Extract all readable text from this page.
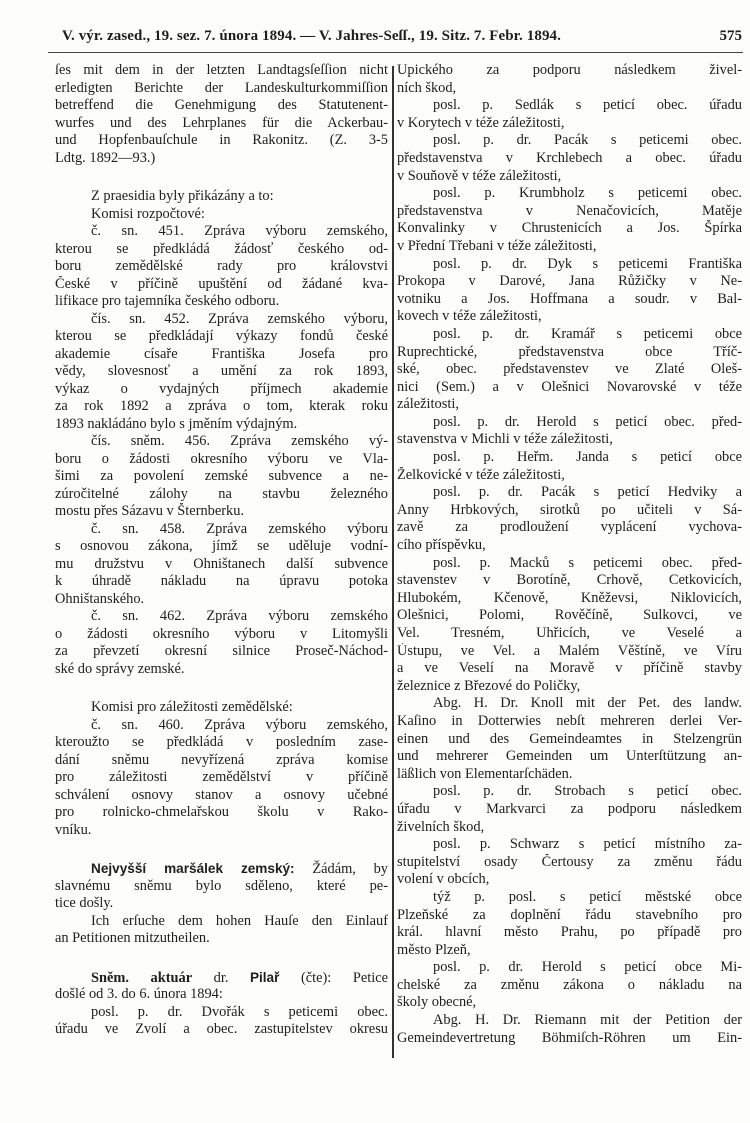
V. výr. zased., 19. sez. 7. února 1894. — V. Jahres-Seſſ., 19. Sitz. 7. Febr. 1894.	575
ſes mit dem in der letzten Landtagsſeſſion nicht
erledigten Berichte der Landeskulturkommiſſion
betreffend die Genehmigung des Statutenent-
wurfes und des Lehrplanes für die Ackerbau-
und Hopfenbauſchule in Rakonitz. (Z. 3-5
Ldtg. 1892—93.)
Z praesidia byly přikázány a to:
Komisi rozpočtové:
č. sn. 451. Zpráva výboru zemského,
kterou se předkládá žádosť českého od-
boru zemědělské rady pro královstvi
České v příčině upuštění od žádané kva-
lifikace pro tajemníka českého odboru.
čís. sn. 452. Zpráva zemského výboru,
kterou se předkládají výkazy fondů české
akademie císaře Františka Josefa pro
vědy, slovesnosť a umění za rok 1893,
výkaz o vydajných příjmech akademie
za rok 1892 a zpráva o tom, kterak roku
1893 nakládáno bylo s jměním výdajným.
čís. sněm. 456. Zpráva zemského vý-
boru o žádosti okresního výboru ve Vla-
šimi za povolení zemské subvence a ne-
zúročitelné zálohy na stavbu železného
mostu přes Sázavu v Šternberku.
č. sn. 458. Zpráva zemského výboru
s osnovou zákona, jímž se uděluje vodní-
mu družstvu v Ohništanech další subvence
k úhradě nákladu na úpravu potoka
Ohništanského.
č. sn. 462. Zpráva výboru zemského
o žádosti okresního výboru v Litomyšli
za převzetí okresní silnice Proseč-Náchod-
ské do správy zemské.
Komisi pro záležitosti zemědělské:
č. sn. 460. Zpráva výboru zemského,
kteroužto se předkládá v posledním zase-
dání sněmu nevyřízená zpráva komise
pro záležitosti zemědělství v příčině
schválení osnovy stanov a osnovy učebné
pro rolnicko-chmelařskou školu v Rako-
vníku.
Nejvyšší maršálek zemský: Žádám, by
slavnému sněmu bylo sděleno, které pe-
tice došly.
Ich erſuche dem hohen Hauſe den Einlauf
an Petitionen mitzutheilen.
Sněm. aktuár dr. Pilař (čte): Petice
došlé od 3. do 6. února 1894:
posl. p. dr. Dvořák s peticemi obec.
úřadu ve Zvolí a obec. zastupitelstev okresu
Upického za podporu následkem živel-
ních škod,
posl. p. Sedlák s peticí obec. úřadu
v Korytech v téže záležitosti,
posl. p. dr. Pacák s peticemi obec.
představenstva v Krchlebech a obec. úřadu
v Souňově v téže záležitosti,
posl. p. Krumbholz s peticemi obec.
představenstva v Nenačovicích, Matěje
Konvalinky v Chrustenicích a Jos. Špírka
v Přední Třebani v téže záležitosti,
posl. p. dr. Dyk s peticemi Františka
Prokopa v Darové, Jana Růžičky v Ne-
votniku a Jos. Hoffmana a soudr. v Bal-
kovech v téže záležitosti,
posl. p. dr. Kramář s peticemi obce
Ruprechtické, představenstva obce Tříč-
ské, obec. představenstev ve Zlaté Oleš-
nici (Sem.) a v Olešnici Novarovské v téže
záležitosti,
posl. p. dr. Herold s peticí obec. před-
stavenstva v Michli v téže záležitosti,
posl. p. Heřm. Janda s peticí obce
Želkovické v téže záležitosti,
posl. p. dr. Pacák s peticí Hedviky a
Anny Hrbkových, sirotků po učiteli v Sá-
zavě za prodloužení vyplácení vychova-
cího příspěvku,
posl. p. Macků s peticemi obec. před-
stavenstev v Borotíně, Crhově, Cetkovicích,
Hlubokém, Kčenově, Kněževsi, Niklovicích,
Olešnici, Polomi, Rověčíně, Sulkovci, ve
Vel. Tresném, Uhřicích, ve Veselé a
Ústupu, ve Vel. a Malém Věštíně, ve Víru
a ve Veselí na Moravě v příčině stavby
železnice z Březové do Poličky,
Abg. H. Dr. Knoll mit der Pet. des landw.
Kaſino in Dotterwies nebſt mehreren derlei Ver-
einen und des Gemeindeamtes in Stelzengrün
und mehrerer Gemeinden um Unterſtützung an-
läßlich von Elementarſchäden.
posl. p. dr. Strobach s peticí obec.
úřadu v Markvarci za podporu následkem
živelních škod,
posl. p. Schwarz s peticí místního za-
stupitelství osady Čertousy za změnu řádu
volení v obcích,
týž p. posl. s peticí městské obce
Plzeňské za doplnění řádu stavebního pro
král. hlavní město Prahu, po případě pro
město Plzeň,
posl. p. dr. Herold s peticí obce Mi-
chelské za změnu zákona o nákladu na
školy obecné,
Abg. H. Dr. Riemann mit der Petition der
Gemeindevertretung Böhmiſch-Röhren um Ein-
